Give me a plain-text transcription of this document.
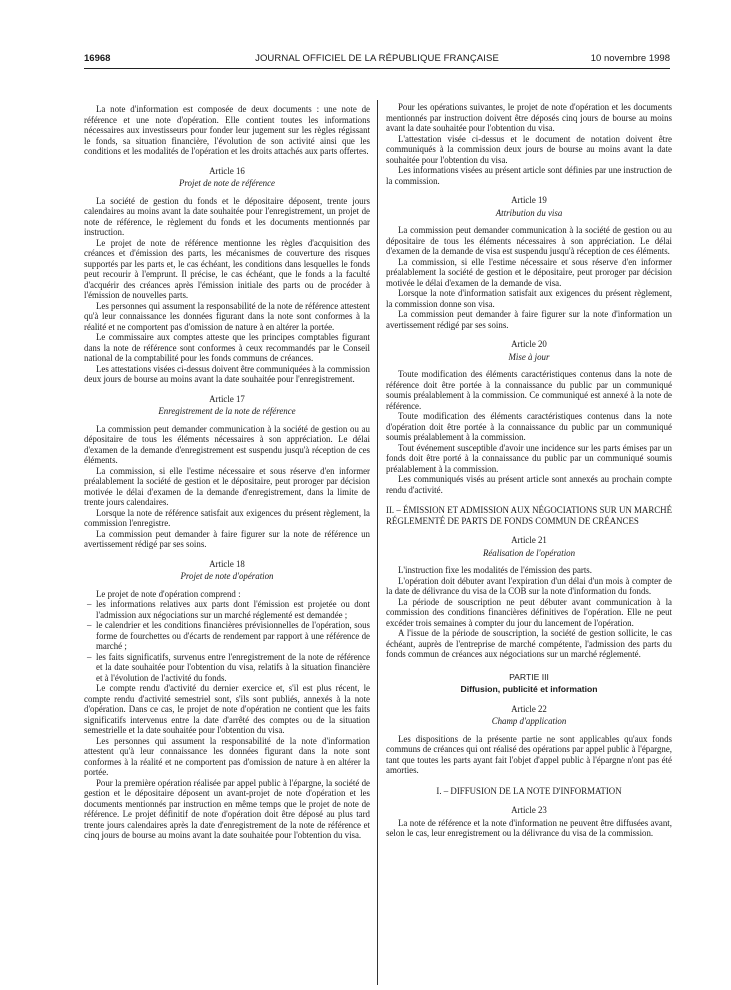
16968	JOURNAL OFFICIEL DE LA RÉPUBLIQUE FRANÇAISE	10 novembre 1998

La note d'information est composée de deux documents : une note de référence et une note d'opération. Elle contient toutes les informations nécessaires aux investisseurs pour fonder leur jugement sur les règles régissant le fonds, sa situation financière, l'évolution de son activité ainsi que les conditions et les modalités de l'opération et les droits attachés aux parts offertes.

Article 16
Projet de note de référence

La société de gestion du fonds et le dépositaire déposent, trente jours calendaires au moins avant la date souhaitée pour l'enregistrement, un projet de note de référence, le règlement du fonds et les documents mentionnés par instruction.

Le projet de note de référence mentionne les règles d'acquisition des créances et d'émission des parts, les mécanismes de couverture des risques supportés par les parts et, le cas échéant, les conditions dans lesquelles le fonds peut recourir à l'emprunt. Il précise, le cas échéant, que le fonds a la faculté d'acquérir des créances après l'émission initiale des parts ou de procéder à l'émission de nouvelles parts.

Les personnes qui assument la responsabilité de la note de référence attestent qu'à leur connaissance les données figurant dans la note sont conformes à la réalité et ne comportent pas d'omission de nature à en altérer la portée.

Le commissaire aux comptes atteste que les principes comptables figurant dans la note de référence sont conformes à ceux recommandés par le Conseil national de la comptabilité pour les fonds communs de créances.

Les attestations visées ci-dessus doivent être communiquées à la commission deux jours de bourse au moins avant la date souhaitée pour l'enregistrement.

Article 17
Enregistrement de la note de référence

La commission peut demander communication à la société de gestion ou au dépositaire de tous les éléments nécessaires à son appréciation. Le délai d'examen de la demande d'enregistrement est suspendu jusqu'à réception de ces éléments.

La commission, si elle l'estime nécessaire et sous réserve d'en informer préalablement la société de gestion et le dépositaire, peut proroger par décision motivée le délai d'examen de la demande d'enregistrement, dans la limite de trente jours calendaires.

Lorsque la note de référence satisfait aux exigences du présent règlement, la commission l'enregistre.

La commission peut demander à faire figurer sur la note de référence un avertissement rédigé par ses soins.

Article 18
Projet de note d'opération

Le projet de note d'opération comprend :

– les informations relatives aux parts dont l'émission est projetée ou dont l'admission aux négociations sur un marché réglementé est demandée ;
– le calendrier et les conditions financières prévisionnelles de l'opération, sous forme de fourchettes ou d'écarts de rendement par rapport à une référence de marché ;
– les faits significatifs, survenus entre l'enregistrement de la note de référence et la date souhaitée pour l'obtention du visa, relatifs à la situation financière et à l'évolution de l'activité du fonds.

Le compte rendu d'activité du dernier exercice et, s'il est plus récent, le compte rendu d'activité semestriel sont, s'ils sont publiés, annexés à la note d'opération. Dans ce cas, le projet de note d'opération ne contient que les faits significatifs intervenus entre la date d'arrêté des comptes ou de la situation semestrielle et la date souhaitée pour l'obtention du visa.

Les personnes qui assument la responsabilité de la note d'information attestent qu'à leur connaissance les données figurant dans la note sont conformes à la réalité et ne comportent pas d'omission de nature à en altérer la portée.

Pour la première opération réalisée par appel public à l'épargne, la société de gestion et le dépositaire déposent un avant-projet de note d'opération et les documents mentionnés par instruction en même temps que le projet de note de référence. Le projet définitif de note d'opération doit être déposé au plus tard trente jours calendaires après la date d'enregistrement de la note de référence et cinq jours de bourse au moins avant la date souhaitée pour l'obtention du visa.

Pour les opérations suivantes, le projet de note d'opération et les documents mentionnés par instruction doivent être déposés cinq jours de bourse au moins avant la date souhaitée pour l'obtention du visa.

L'attestation visée ci-dessus et le document de notation doivent être communiqués à la commission deux jours de bourse au moins avant la date souhaitée pour l'obtention du visa.

Les informations visées au présent article sont définies par une instruction de la commission.

Article 19
Attribution du visa

La commission peut demander communication à la société de gestion ou au dépositaire de tous les éléments nécessaires à son appréciation. Le délai d'examen de la demande de visa est suspendu jusqu'à réception de ces éléments.

La commission, si elle l'estime nécessaire et sous réserve d'en informer préalablement la société de gestion et le dépositaire, peut proroger par décision motivée le délai d'examen de la demande de visa.

Lorsque la note d'information satisfait aux exigences du présent règlement, la commission donne son visa.

La commission peut demander à faire figurer sur la note d'information un avertissement rédigé par ses soins.

Article 20
Mise à jour

Toute modification des éléments caractéristiques contenus dans la note de référence doit être portée à la connaissance du public par un communiqué soumis préalablement à la commission. Ce communiqué est annexé à la note de référence.

Toute modification des éléments caractéristiques contenus dans la note d'opération doit être portée à la connaissance du public par un communiqué soumis préalablement à la commission.

Tout événement susceptible d'avoir une incidence sur les parts émises par un fonds doit être porté à la connaissance du public par un communiqué soumis préalablement à la commission.

Les communiqués visés au présent article sont annexés au prochain compte rendu d'activité.

II. – ÉMISSION ET ADMISSION AUX NÉGOCIATIONS SUR UN MARCHÉ RÉGLEMENTÉ DE PARTS DE FONDS COMMUN DE CRÉANCES
Article 21
Réalisation de l'opération

L'instruction fixe les modalités de l'émission des parts.

L'opération doit débuter avant l'expiration d'un délai d'un mois à compter de la date de délivrance du visa de la COB sur la note d'information du fonds.

La période de souscription ne peut débuter avant communication à la commission des conditions financières définitives de l'opération. Elle ne peut excéder trois semaines à compter du jour du lancement de l'opération.

A l'issue de la période de souscription, la société de gestion sollicite, le cas échéant, auprès de l'entreprise de marché compétente, l'admission des parts du fonds commun de créances aux négociations sur un marché réglementé.

PARTIE III
Diffusion, publicité et information
Article 22
Champ d'application

Les dispositions de la présente partie ne sont applicables qu'aux fonds communs de créances qui ont réalisé des opérations par appel public à l'épargne, tant que toutes les parts ayant fait l'objet d'appel public à l'épargne n'ont pas été amorties.

I. – DIFFUSION DE LA NOTE D'INFORMATION
Article 23

La note de référence et la note d'information ne peuvent être diffusées avant, selon le cas, leur enregistrement ou la délivrance du visa de la commission.
